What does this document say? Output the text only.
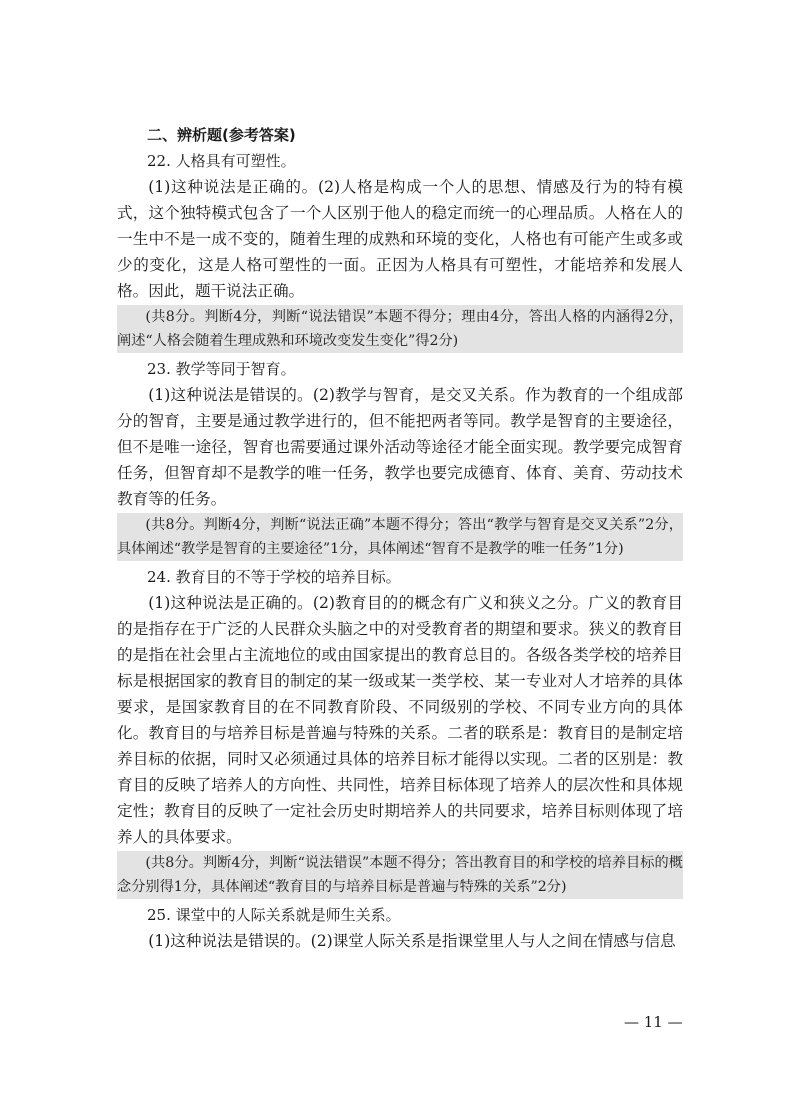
二、辨析题(参考答案)
22. 人格具有可塑性。

(1)这种说法是正确的。(2)人格是构成一个人的思想、情感及行为的特有模式，这个独特模式包含了一个人区别于他人的稳定而统一的心理品质。人格在人的一生中不是一成不变的，随着生理的成熟和环境的变化，人格也有可能产生或多或少的变化，这是人格可塑性的一面。正因为人格具有可塑性，才能培养和发展人格。因此，题干说法正确。

(共8分。判断4分，判断“说法错误”本题不得分；理由4分，答出人格的内涵得2分，阐述“人格会随着生理成熟和环境改变发生变化”得2分)

23. 教学等同于智育。

(1)这种说法是错误的。(2)教学与智育，是交叉关系。作为教育的一个组成部分的智育，主要是通过教学进行的，但不能把两者等同。教学是智育的主要途径，但不是唯一途径，智育也需要通过课外活动等途径才能全面实现。教学要完成智育任务，但智育却不是教学的唯一任务，教学也要完成德育、体育、美育、劳动技术教育等的任务。

(共8分。判断4分，判断“说法正确”本题不得分；答出“教学与智育是交叉关系”2分，具体阐述“教学是智育的主要途径”1分，具体阐述“智育不是教学的唯一任务”1分)

24. 教育目的不等于学校的培养目标。

(1)这种说法是正确的。(2)教育目的的概念有广义和狭义之分。广义的教育目的是指存在于广泛的人民群众头脑之中的对受教育者的期望和要求。狭义的教育目的是指在社会里占主流地位的或由国家提出的教育总目的。各级各类学校的培养目标是根据国家的教育目的制定的某一级或某一类学校、某一专业对人才培养的具体要求，是国家教育目的在不同教育阶段、不同级别的学校、不同专业方向的具体化。教育目的与培养目标是普遍与特殊的关系。二者的联系是：教育目的是制定培养目标的依据，同时又必须通过具体的培养目标才能得以实现。二者的区别是：教育目的反映了培养人的方向性、共同性，培养目标体现了培养人的层次性和具体规定性；教育目的反映了一定社会历史时期培养人的共同要求，培养目标则体现了培养人的具体要求。

(共8分。判断4分，判断“说法错误”本题不得分；答出教育目的和学校的培养目标的概念分别得1分，具体阐述“教育目的与培养目标是普遍与特殊的关系”2分)

25. 课堂中的人际关系就是师生关系。

(1)这种说法是错误的。(2)课堂人际关系是指课堂里人与人之间在情感与信息

— 11 —
